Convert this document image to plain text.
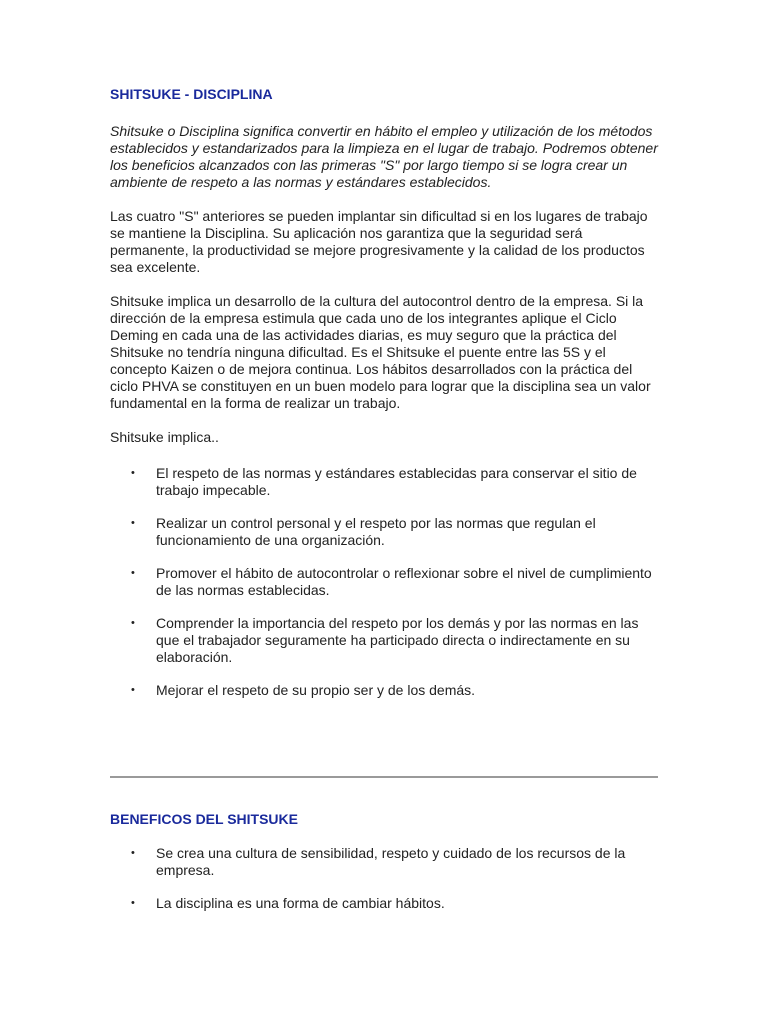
SHITSUKE - DISCIPLINA

Shitsuke o Disciplina significa convertir en hábito el empleo y utilización de los métodos establecidos y estandarizados para la limpieza en el lugar de trabajo. Podremos obtener los beneficios alcanzados con las primeras "S" por largo tiempo si se logra crear un ambiente de respeto a las normas y estándares establecidos.

Las cuatro "S" anteriores se pueden implantar sin dificultad si en los lugares de trabajo se mantiene la Disciplina. Su aplicación nos garantiza que la seguridad será permanente, la productividad se mejore progresivamente y la calidad de los productos sea excelente.

Shitsuke implica un desarrollo de la cultura del autocontrol dentro de la empresa. Si la dirección de la empresa estimula que cada uno de los integrantes aplique el Ciclo Deming en cada una de las actividades diarias, es muy seguro que la práctica del Shitsuke no tendría ninguna dificultad. Es el Shitsuke el puente entre las 5S y el concepto Kaizen o de mejora continua. Los hábitos desarrollados con la práctica del ciclo PHVA se constituyen en un buen modelo para lograr que la disciplina sea un valor fundamental en la forma de realizar un trabajo.

Shitsuke implica..

• El respeto de las normas y estándares establecidas para conservar el sitio de trabajo impecable.
• Realizar un control personal y el respeto por las normas que regulan el funcionamiento de una organización.
• Promover el hábito de autocontrolar o reflexionar sobre el nivel de cumplimiento de las normas establecidas.
• Comprender la importancia del respeto por los demás y por las normas en las que el trabajador seguramente ha participado directa o indirectamente en su elaboración.
• Mejorar el respeto de su propio ser y de los demás.

BENEFICOS DEL SHITSUKE

• Se crea una cultura de sensibilidad, respeto y cuidado de los recursos de la empresa.
• La disciplina es una forma de cambiar hábitos.
